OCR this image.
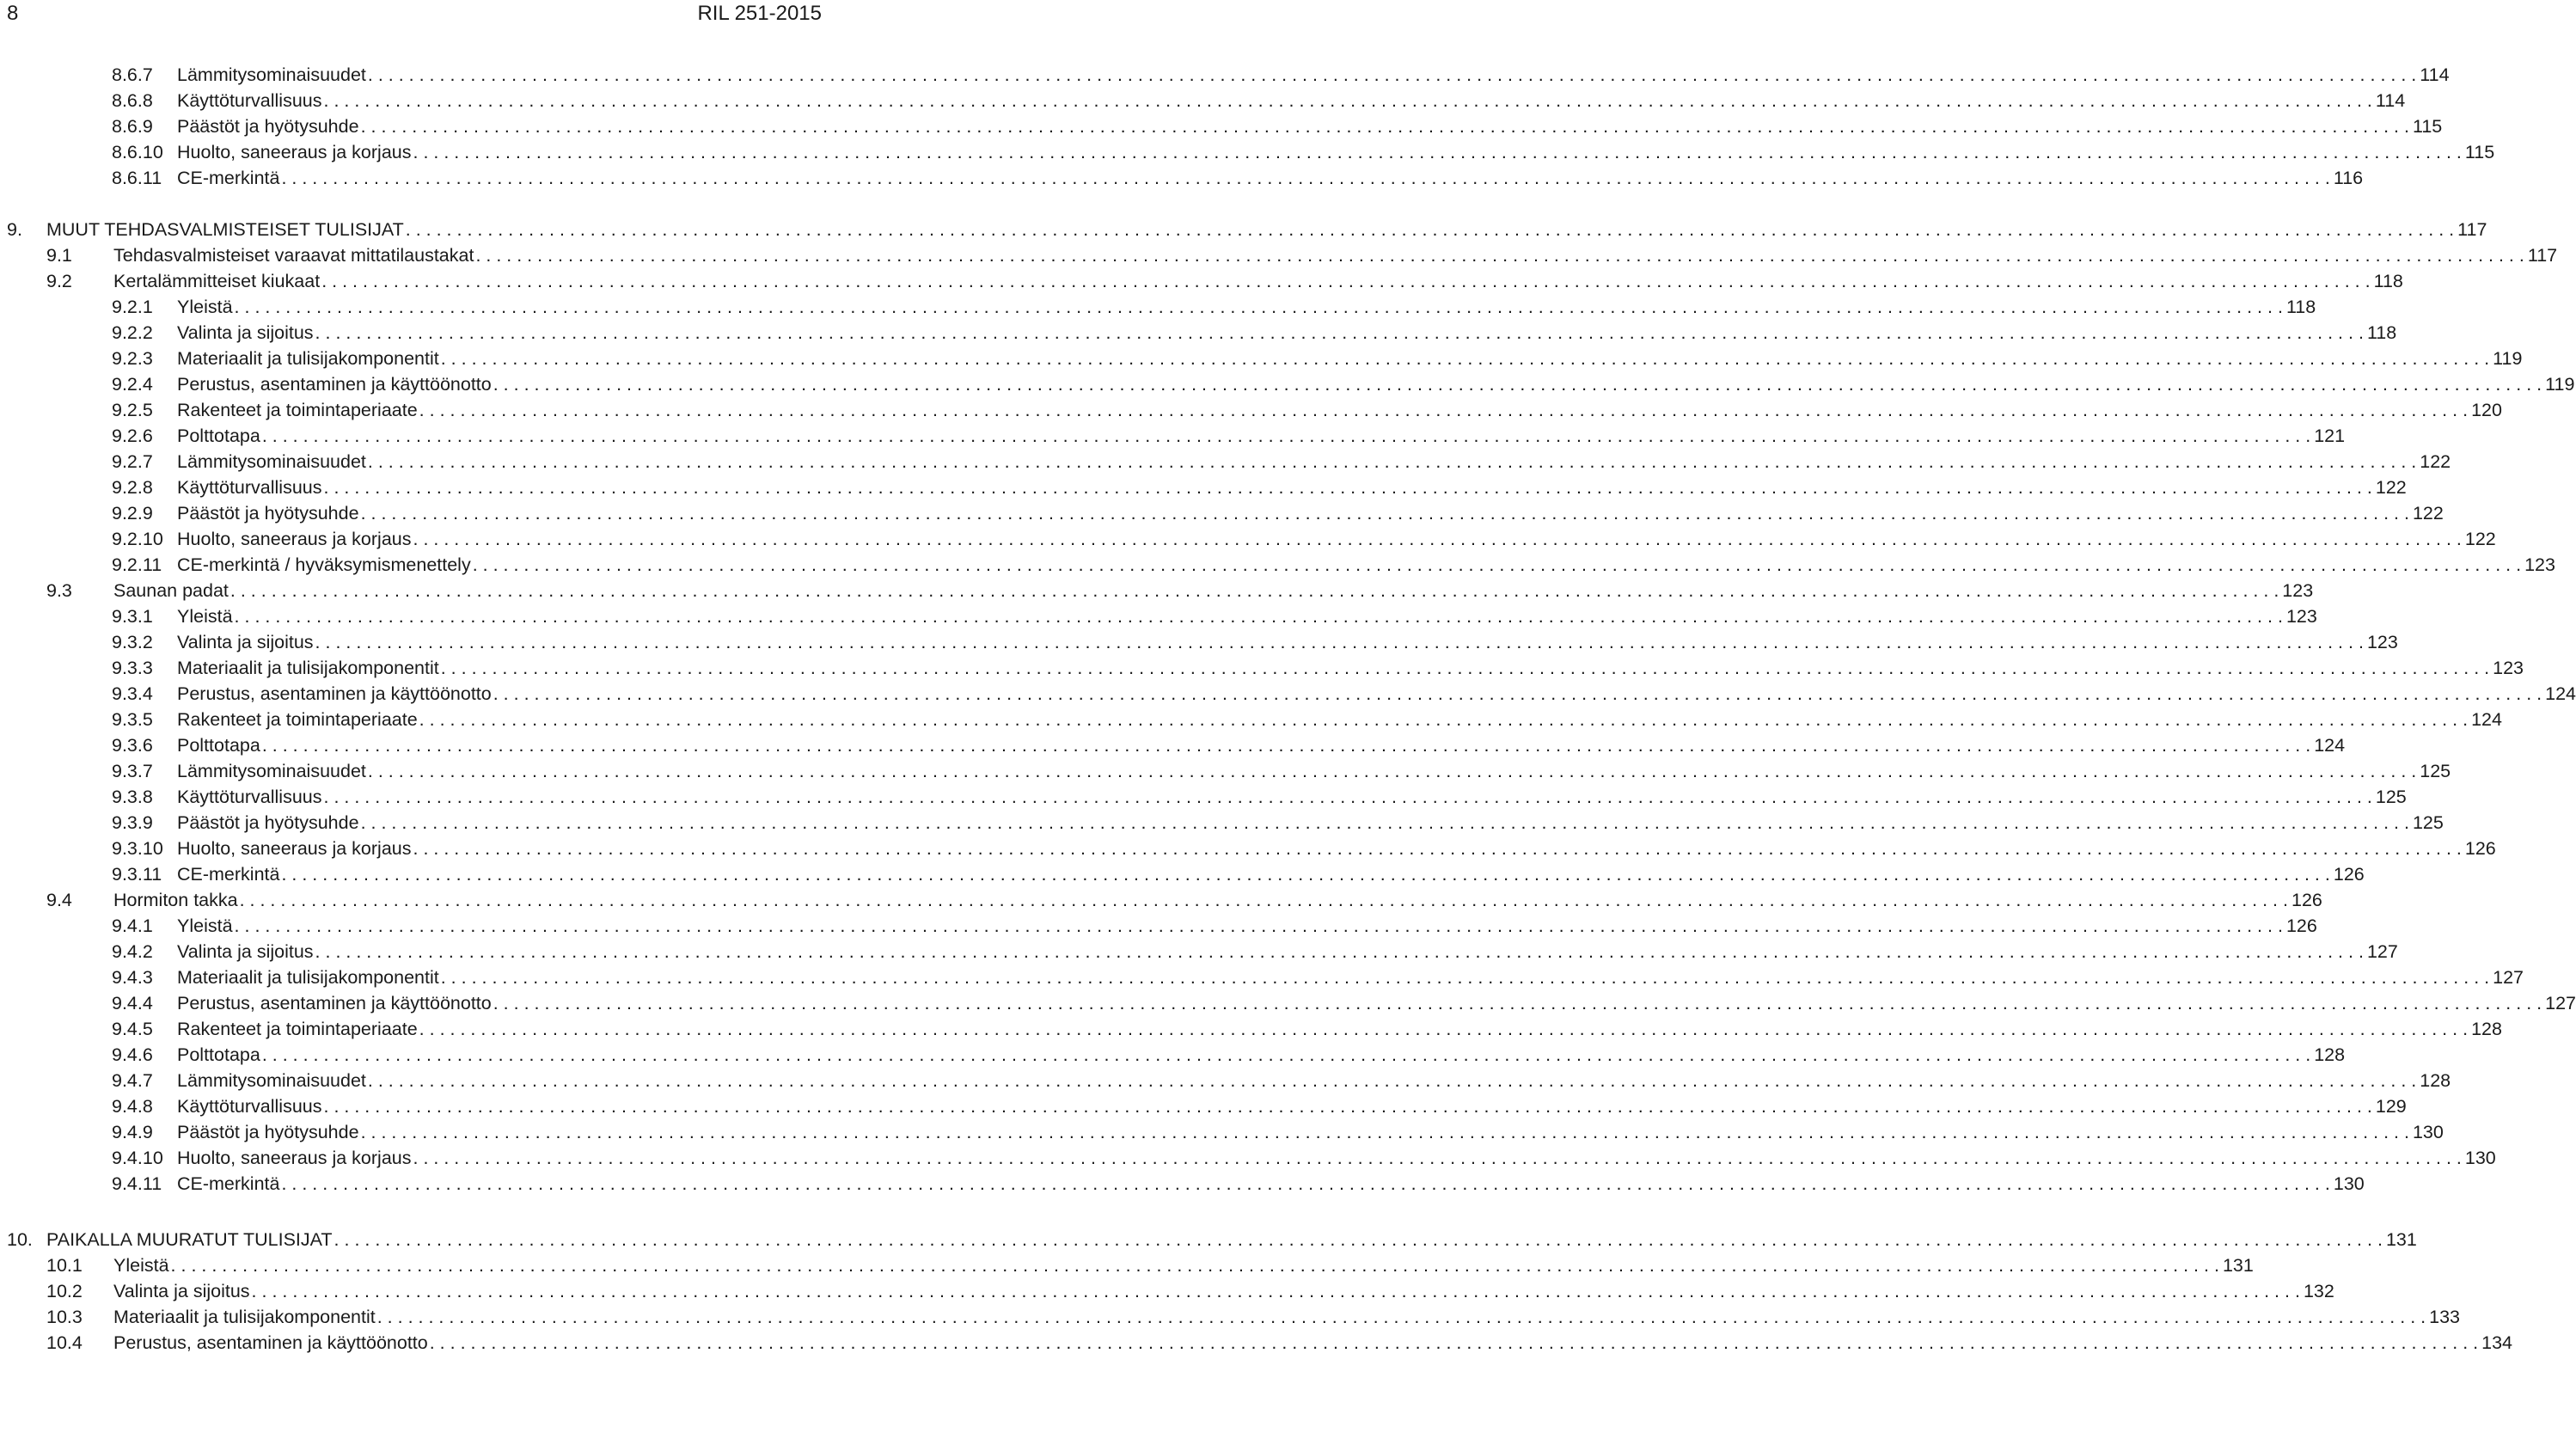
8	RIL 251-2015
8.6.7 Lämmitysominaisuudet . . . . . . . . . . . . . . . . . . . . . . . . . . . . . . . . . . . . . . . . . . . . . . . . . . . . . . . . . . . . . . . . . . . . . . . . . . . . . . . . . . . . . . . . . . . . . . . . . . . . . . . . . . . . . . . . . . . . . . . . . . . . . . . . . . . . . . . . . . . . . . . . . . . . . . . . . . . . . . . . . . . . . . . . . . . . . . . . . . . . . . . . . . . . . . . . . . . . . . . . 114
8.6.8 Käyttöturvallisuus . . . . . . . . . . . . . . . . . . . . . . . . . . . . . . . . . . . . . . . . . . . . . . . . . . . . . . . . . . . . . . . . . . . . . . . . . . . . . . . . . . . . . . . . . . . . . . . . . . . . . . . . . . . . . . . . . . . . . . . . . . . . . . . . . . . . . . . . . . . . . . . . . . . . . . . . . . . . . . . . . . . . . . . . . . . . . . . . . . . . . . . . . . . . . . . . . . . . . . . . 114
8.6.9 Päästöt ja hyötysuhde . . . . . . . . . . . . . . . . . . . . . . . . . . . . . . . . . . . . . . . . . . . . . . . . . . . . . . . . . . . . . . . . . . . . . . . . . . . . . . . . . . . . . . . . . . . . . . . . . . . . . . . . . . . . . . . . . . . . . . . . . . . . . . . . . . . . . . . . . . . . . . . . . . . . . . . . . . . . . . . . . . . . . . . . . . . . . . . . . . . . . . . . . . . . . . . . . . . . . . . . 115
8.6.10 Huolto, saneeraus ja korjaus . . . . . . . . . . . . . . . . . . . . . . . . . . . . . . . . . . . . . . . . . . . . . . . . . . . . . . . . . . . . . . . . . . . . . . . . . . . . . . . . . . . . . . . . . . . . . . . . . . . . . . . . . . . . . . . . . . . . . . . . . . . . . . . . . . . . . . . . . . . . . . . . . . . . . . . . . . . . . . . . . . . . . . . . . . . . . . . . . . . . . . . . . . . . . . . . . . . . . . . . 115
8.6.11 CE-merkintä . . . . . . . . . . . . . . . . . . . . . . . . . . . . . . . . . . . . . . . . . . . . . . . . . . . . . . . . . . . . . . . . . . . . . . . . . . . . . . . . . . . . . . . . . . . . . . . . . . . . . . . . . . . . . . . . . . . . . . . . . . . . . . . . . . . . . . . . . . . . . . . . . . . . . . . . . . . . . . . . . . . . . . . . . . . . . . . . . . . . . . . . . . . . . . . . . . . . . . . . 116
9. MUUT TEHDASVALMISTEISET TULISIJAT . . . . . . . . . . . . . . . . . . . . . . . . . . . . . . . . . . . . . . . . . . . . . . . . . . . . . . . . . . . . . . . . . . . . . . . . . . . . . . . . . . . . . . . . . . . . . . . . . . . . . . . . . . . . . . . . . . . . . . . . . . . . . . . . . . . . . . . . . . . . . . . . . . . . . . . . . . . . . . . . . . . . . . . . . . . . . . . . . . . . . . . . . . . . . . . . . . . . . . . . 117
9.1 Tehdasvalmisteiset varaavat mittatilaustakat . . . . . . . . . . . . . . . . . . . . . . . . . . . . . . . . . . . . . . . . . . . . . . . . . . . . . . . . . . . . . . . . . . . . . . . . . . . . . . . . . . . . . . . . . . . . . . . . . . . . . . . . . . . . . . . . . . . . . . . . . . . . . . . . . . . . . . . . . . . . . . . . . . . . . . . . . . . . . . . . . . . . . . . . . . . . . . . . . . . . . . . . . . . . . . . . . . . . . . . . 117
9.2 Kertalämmitteiset kiukaat . . . . . . . . . . . . . . . . . . . . . . . . . . . . . . . . . . . . . . . . . . . . . . . . . . . . . . . . . . . . . . . . . . . . . . . . . . . . . . . . . . . . . . . . . . . . . . . . . . . . . . . . . . . . . . . . . . . . . . . . . . . . . . . . . . . . . . . . . . . . . . . . . . . . . . . . . . . . . . . . . . . . . . . . . . . . . . . . . . . . . . . . . . . . . . . . . . . . . . . . 118
9.2.1 Yleistä . . . . . . . . . . . . . . . . . . . . . . . . . . . . . . . . . . . . . . . . . . . . . . . . . . . . . . . . . . . . . . . . . . . . . . . . . . . . . . . . . . . . . . . . . . . . . . . . . . . . . . . . . . . . . . . . . . . . . . . . . . . . . . . . . . . . . . . . . . . . . . . . . . . . . . . . . . . . . . . . . . . . . . . . . . . . . . . . . . . . . . . . . . . . . . . . . . . . . . . . 118
9.2.2 Valinta ja sijoitus . . . . . . . . . . . . . . . . . . . . . . . . . . . . . . . . . . . . . . . . . . . . . . . . . . . . . . . . . . . . . . . . . . . . . . . . . . . . . . . . . . . . . . . . . . . . . . . . . . . . . . . . . . . . . . . . . . . . . . . . . . . . . . . . . . . . . . . . . . . . . . . . . . . . . . . . . . . . . . . . . . . . . . . . . . . . . . . . . . . . . . . . . . . . . . . . . . . . . . . . 118
9.2.3 Materiaalit ja tulisijakomponentit . . . . . . . . . . . . . . . . . . . . . . . . . . . . . . . . . . . . . . . . . . . . . . . . . . . . . . . . . . . . . . . . . . . . . . . . . . . . . . . . . . . . . . . . . . . . . . . . . . . . . . . . . . . . . . . . . . . . . . . . . . . . . . . . . . . . . . . . . . . . . . . . . . . . . . . . . . . . . . . . . . . . . . . . . . . . . . . . . . . . . . . . . . . . . . . . . . . . . . . . 119
9.2.4 Perustus, asentaminen ja käyttöönotto . . . . . . . . . . . . . . . . . . . . . . . . . . . . . . . . . . . . . . . . . . . . . . . . . . . . . . . . . . . . . . . . . . . . . . . . . . . . . . . . . . . . . . . . . . . . . . . . . . . . . . . . . . . . . . . . . . . . . . . . . . . . . . . . . . . . . . . . . . . . . . . . . . . . . . . . . . . . . . . . . . . . . . . . . . . . . . . . . . . . . . . . . . . . . . . . . . . . . . . . 119
9.2.5 Rakenteet ja toimintaperiaate . . . . . . . . . . . . . . . . . . . . . . . . . . . . . . . . . . . . . . . . . . . . . . . . . . . . . . . . . . . . . . . . . . . . . . . . . . . . . . . . . . . . . . . . . . . . . . . . . . . . . . . . . . . . . . . . . . . . . . . . . . . . . . . . . . . . . . . . . . . . . . . . . . . . . . . . . . . . . . . . . . . . . . . . . . . . . . . . . . . . . . . . . . . . . . . . . . . . . . . . 120
9.2.6 Polttotapa . . . . . . . . . . . . . . . . . . . . . . . . . . . . . . . . . . . . . . . . . . . . . . . . . . . . . . . . . . . . . . . . . . . . . . . . . . . . . . . . . . . . . . . . . . . . . . . . . . . . . . . . . . . . . . . . . . . . . . . . . . . . . . . . . . . . . . . . . . . . . . . . . . . . . . . . . . . . . . . . . . . . . . . . . . . . . . . . . . . . . . . . . . . . . . . . . . . . . . . . 121
9.2.7 Lämmitysominaisuudet . . . . . . . . . . . . . . . . . . . . . . . . . . . . . . . . . . . . . . . . . . . . . . . . . . . . . . . . . . . . . . . . . . . . . . . . . . . . . . . . . . . . . . . . . . . . . . . . . . . . . . . . . . . . . . . . . . . . . . . . . . . . . . . . . . . . . . . . . . . . . . . . . . . . . . . . . . . . . . . . . . . . . . . . . . . . . . . . . . . . . . . . . . . . . . . . . . . . . . . . 122
9.2.8 Käyttöturvallisuus . . . . . . . . . . . . . . . . . . . . . . . . . . . . . . . . . . . . . . . . . . . . . . . . . . . . . . . . . . . . . . . . . . . . . . . . . . . . . . . . . . . . . . . . . . . . . . . . . . . . . . . . . . . . . . . . . . . . . . . . . . . . . . . . . . . . . . . . . . . . . . . . . . . . . . . . . . . . . . . . . . . . . . . . . . . . . . . . . . . . . . . . . . . . . . . . . . . . . . . . 122
9.2.9 Päästöt ja hyötysuhde . . . . . . . . . . . . . . . . . . . . . . . . . . . . . . . . . . . . . . . . . . . . . . . . . . . . . . . . . . . . . . . . . . . . . . . . . . . . . . . . . . . . . . . . . . . . . . . . . . . . . . . . . . . . . . . . . . . . . . . . . . . . . . . . . . . . . . . . . . . . . . . . . . . . . . . . . . . . . . . . . . . . . . . . . . . . . . . . . . . . . . . . . . . . . . . . . . . . . . . . 122
9.2.10 Huolto, saneeraus ja korjaus . . . . . . . . . . . . . . . . . . . . . . . . . . . . . . . . . . . . . . . . . . . . . . . . . . . . . . . . . . . . . . . . . . . . . . . . . . . . . . . . . . . . . . . . . . . . . . . . . . . . . . . . . . . . . . . . . . . . . . . . . . . . . . . . . . . . . . . . . . . . . . . . . . . . . . . . . . . . . . . . . . . . . . . . . . . . . . . . . . . . . . . . . . . . . . . . . . . . . . . . 122
9.2.11 CE-merkintä / hyväksymismenettely . . . . . . . . . . . . . . . . . . . . . . . . . . . . . . . . . . . . . . . . . . . . . . . . . . . . . . . . . . . . . . . . . . . . . . . . . . . . . . . . . . . . . . . . . . . . . . . . . . . . . . . . . . . . . . . . . . . . . . . . . . . . . . . . . . . . . . . . . . . . . . . . . . . . . . . . . . . . . . . . . . . . . . . . . . . . . . . . . . . . . . . . . . . . . . . . . . . . . . . . 123
9.3 Saunan padat . . . . . . . . . . . . . . . . . . . . . . . . . . . . . . . . . . . . . . . . . . . . . . . . . . . . . . . . . . . . . . . . . . . . . . . . . . . . . . . . . . . . . . . . . . . . . . . . . . . . . . . . . . . . . . . . . . . . . . . . . . . . . . . . . . . . . . . . . . . . . . . . . . . . . . . . . . . . . . . . . . . . . . . . . . . . . . . . . . . . . . . . . . . . . . . . . . . . . . . . 123
9.3.1 Yleistä . . . . . . . . . . . . . . . . . . . . . . . . . . . . . . . . . . . . . . . . . . . . . . . . . . . . . . . . . . . . . . . . . . . . . . . . . . . . . . . . . . . . . . . . . . . . . . . . . . . . . . . . . . . . . . . . . . . . . . . . . . . . . . . . . . . . . . . . . . . . . . . . . . . . . . . . . . . . . . . . . . . . . . . . . . . . . . . . . . . . . . . . . . . . . . . . . . . . . . . . 123
9.3.2 Valinta ja sijoitus . . . . . . . . . . . . . . . . . . . . . . . . . . . . . . . . . . . . . . . . . . . . . . . . . . . . . . . . . . . . . . . . . . . . . . . . . . . . . . . . . . . . . . . . . . . . . . . . . . . . . . . . . . . . . . . . . . . . . . . . . . . . . . . . . . . . . . . . . . . . . . . . . . . . . . . . . . . . . . . . . . . . . . . . . . . . . . . . . . . . . . . . . . . . . . . . . . . . . . . . 123
9.3.3 Materiaalit ja tulisijakomponentit . . . . . . . . . . . . . . . . . . . . . . . . . . . . . . . . . . . . . . . . . . . . . . . . . . . . . . . . . . . . . . . . . . . . . . . . . . . . . . . . . . . . . . . . . . . . . . . . . . . . . . . . . . . . . . . . . . . . . . . . . . . . . . . . . . . . . . . . . . . . . . . . . . . . . . . . . . . . . . . . . . . . . . . . . . . . . . . . . . . . . . . . . . . . . . . . . . . . . . . . 123
9.3.4 Perustus, asentaminen ja käyttöönotto . . . . . . . . . . . . . . . . . . . . . . . . . . . . . . . . . . . . . . . . . . . . . . . . . . . . . . . . . . . . . . . . . . . . . . . . . . . . . . . . . . . . . . . . . . . . . . . . . . . . . . . . . . . . . . . . . . . . . . . . . . . . . . . . . . . . . . . . . . . . . . . . . . . . . . . . . . . . . . . . . . . . . . . . . . . . . . . . . . . . . . . . . . . . . . . . . . . . . . . . 124
9.3.5 Rakenteet ja toimintaperiaate . . . . . . . . . . . . . . . . . . . . . . . . . . . . . . . . . . . . . . . . . . . . . . . . . . . . . . . . . . . . . . . . . . . . . . . . . . . . . . . . . . . . . . . . . . . . . . . . . . . . . . . . . . . . . . . . . . . . . . . . . . . . . . . . . . . . . . . . . . . . . . . . . . . . . . . . . . . . . . . . . . . . . . . . . . . . . . . . . . . . . . . . . . . . . . . . . . . . . . . . 124
9.3.6 Polttotapa . . . . . . . . . . . . . . . . . . . . . . . . . . . . . . . . . . . . . . . . . . . . . . . . . . . . . . . . . . . . . . . . . . . . . . . . . . . . . . . . . . . . . . . . . . . . . . . . . . . . . . . . . . . . . . . . . . . . . . . . . . . . . . . . . . . . . . . . . . . . . . . . . . . . . . . . . . . . . . . . . . . . . . . . . . . . . . . . . . . . . . . . . . . . . . . . . . . . . . . . 124
9.3.7 Lämmitysominaisuudet . . . . . . . . . . . . . . . . . . . . . . . . . . . . . . . . . . . . . . . . . . . . . . . . . . . . . . . . . . . . . . . . . . . . . . . . . . . . . . . . . . . . . . . . . . . . . . . . . . . . . . . . . . . . . . . . . . . . . . . . . . . . . . . . . . . . . . . . . . . . . . . . . . . . . . . . . . . . . . . . . . . . . . . . . . . . . . . . . . . . . . . . . . . . . . . . . . . . . . . . 125
9.3.8 Käyttöturvallisuus . . . . . . . . . . . . . . . . . . . . . . . . . . . . . . . . . . . . . . . . . . . . . . . . . . . . . . . . . . . . . . . . . . . . . . . . . . . . . . . . . . . . . . . . . . . . . . . . . . . . . . . . . . . . . . . . . . . . . . . . . . . . . . . . . . . . . . . . . . . . . . . . . . . . . . . . . . . . . . . . . . . . . . . . . . . . . . . . . . . . . . . . . . . . . . . . . . . . . . . . 125
9.3.9 Päästöt ja hyötysuhde . . . . . . . . . . . . . . . . . . . . . . . . . . . . . . . . . . . . . . . . . . . . . . . . . . . . . . . . . . . . . . . . . . . . . . . . . . . . . . . . . . . . . . . . . . . . . . . . . . . . . . . . . . . . . . . . . . . . . . . . . . . . . . . . . . . . . . . . . . . . . . . . . . . . . . . . . . . . . . . . . . . . . . . . . . . . . . . . . . . . . . . . . . . . . . . . . . . . . . . . 125
9.3.10 Huolto, saneeraus ja korjaus . . . . . . . . . . . . . . . . . . . . . . . . . . . . . . . . . . . . . . . . . . . . . . . . . . . . . . . . . . . . . . . . . . . . . . . . . . . . . . . . . . . . . . . . . . . . . . . . . . . . . . . . . . . . . . . . . . . . . . . . . . . . . . . . . . . . . . . . . . . . . . . . . . . . . . . . . . . . . . . . . . . . . . . . . . . . . . . . . . . . . . . . . . . . . . . . . . . . . . . . 126
9.3.11 CE-merkintä . . . . . . . . . . . . . . . . . . . . . . . . . . . . . . . . . . . . . . . . . . . . . . . . . . . . . . . . . . . . . . . . . . . . . . . . . . . . . . . . . . . . . . . . . . . . . . . . . . . . . . . . . . . . . . . . . . . . . . . . . . . . . . . . . . . . . . . . . . . . . . . . . . . . . . . . . . . . . . . . . . . . . . . . . . . . . . . . . . . . . . . . . . . . . . . . . . . . . . . . 126
9.4 Hormiton takka . . . . . . . . . . . . . . . . . . . . . . . . . . . . . . . . . . . . . . . . . . . . . . . . . . . . . . . . . . . . . . . . . . . . . . . . . . . . . . . . . . . . . . . . . . . . . . . . . . . . . . . . . . . . . . . . . . . . . . . . . . . . . . . . . . . . . . . . . . . . . . . . . . . . . . . . . . . . . . . . . . . . . . . . . . . . . . . . . . . . . . . . . . . . . . . . . . . . . . . . 126
9.4.1 Yleistä . . . . . . . . . . . . . . . . . . . . . . . . . . . . . . . . . . . . . . . . . . . . . . . . . . . . . . . . . . . . . . . . . . . . . . . . . . . . . . . . . . . . . . . . . . . . . . . . . . . . . . . . . . . . . . . . . . . . . . . . . . . . . . . . . . . . . . . . . . . . . . . . . . . . . . . . . . . . . . . . . . . . . . . . . . . . . . . . . . . . . . . . . . . . . . . . . . . . . . . . 126
9.4.2 Valinta ja sijoitus . . . . . . . . . . . . . . . . . . . . . . . . . . . . . . . . . . . . . . . . . . . . . . . . . . . . . . . . . . . . . . . . . . . . . . . . . . . . . . . . . . . . . . . . . . . . . . . . . . . . . . . . . . . . . . . . . . . . . . . . . . . . . . . . . . . . . . . . . . . . . . . . . . . . . . . . . . . . . . . . . . . . . . . . . . . . . . . . . . . . . . . . . . . . . . . . . . . . . . . . 127
9.4.3 Materiaalit ja tulisijakomponentit . . . . . . . . . . . . . . . . . . . . . . . . . . . . . . . . . . . . . . . . . . . . . . . . . . . . . . . . . . . . . . . . . . . . . . . . . . . . . . . . . . . . . . . . . . . . . . . . . . . . . . . . . . . . . . . . . . . . . . . . . . . . . . . . . . . . . . . . . . . . . . . . . . . . . . . . . . . . . . . . . . . . . . . . . . . . . . . . . . . . . . . . . . . . . . . . . . . . . . . . 127
9.4.4 Perustus, asentaminen ja käyttöönotto . . . . . . . . . . . . . . . . . . . . . . . . . . . . . . . . . . . . . . . . . . . . . . . . . . . . . . . . . . . . . . . . . . . . . . . . . . . . . . . . . . . . . . . . . . . . . . . . . . . . . . . . . . . . . . . . . . . . . . . . . . . . . . . . . . . . . . . . . . . . . . . . . . . . . . . . . . . . . . . . . . . . . . . . . . . . . . . . . . . . . . . . . . . . . . . . . . . . . . . . 127
9.4.5 Rakenteet ja toimintaperiaate . . . . . . . . . . . . . . . . . . . . . . . . . . . . . . . . . . . . . . . . . . . . . . . . . . . . . . . . . . . . . . . . . . . . . . . . . . . . . . . . . . . . . . . . . . . . . . . . . . . . . . . . . . . . . . . . . . . . . . . . . . . . . . . . . . . . . . . . . . . . . . . . . . . . . . . . . . . . . . . . . . . . . . . . . . . . . . . . . . . . . . . . . . . . . . . . . . . . . . . . 128
9.4.6 Polttotapa . . . . . . . . . . . . . . . . . . . . . . . . . . . . . . . . . . . . . . . . . . . . . . . . . . . . . . . . . . . . . . . . . . . . . . . . . . . . . . . . . . . . . . . . . . . . . . . . . . . . . . . . . . . . . . . . . . . . . . . . . . . . . . . . . . . . . . . . . . . . . . . . . . . . . . . . . . . . . . . . . . . . . . . . . . . . . . . . . . . . . . . . . . . . . . . . . . . . . . . . 128
9.4.7 Lämmitysominaisuudet . . . . . . . . . . . . . . . . . . . . . . . . . . . . . . . . . . . . . . . . . . . . . . . . . . . . . . . . . . . . . . . . . . . . . . . . . . . . . . . . . . . . . . . . . . . . . . . . . . . . . . . . . . . . . . . . . . . . . . . . . . . . . . . . . . . . . . . . . . . . . . . . . . . . . . . . . . . . . . . . . . . . . . . . . . . . . . . . . . . . . . . . . . . . . . . . . . . . . . . . 128
9.4.8 Käyttöturvallisuus . . . . . . . . . . . . . . . . . . . . . . . . . . . . . . . . . . . . . . . . . . . . . . . . . . . . . . . . . . . . . . . . . . . . . . . . . . . . . . . . . . . . . . . . . . . . . . . . . . . . . . . . . . . . . . . . . . . . . . . . . . . . . . . . . . . . . . . . . . . . . . . . . . . . . . . . . . . . . . . . . . . . . . . . . . . . . . . . . . . . . . . . . . . . . . . . . . . . . . . . 129
9.4.9 Päästöt ja hyötysuhde . . . . . . . . . . . . . . . . . . . . . . . . . . . . . . . . . . . . . . . . . . . . . . . . . . . . . . . . . . . . . . . . . . . . . . . . . . . . . . . . . . . . . . . . . . . . . . . . . . . . . . . . . . . . . . . . . . . . . . . . . . . . . . . . . . . . . . . . . . . . . . . . . . . . . . . . . . . . . . . . . . . . . . . . . . . . . . . . . . . . . . . . . . . . . . . . . . . . . . . . 130
9.4.10 Huolto, saneeraus ja korjaus . . . . . . . . . . . . . . . . . . . . . . . . . . . . . . . . . . . . . . . . . . . . . . . . . . . . . . . . . . . . . . . . . . . . . . . . . . . . . . . . . . . . . . . . . . . . . . . . . . . . . . . . . . . . . . . . . . . . . . . . . . . . . . . . . . . . . . . . . . . . . . . . . . . . . . . . . . . . . . . . . . . . . . . . . . . . . . . . . . . . . . . . . . . . . . . . . . . . . . . . 130
9.4.11 CE-merkintä . . . . . . . . . . . . . . . . . . . . . . . . . . . . . . . . . . . . . . . . . . . . . . . . . . . . . . . . . . . . . . . . . . . . . . . . . . . . . . . . . . . . . . . . . . . . . . . . . . . . . . . . . . . . . . . . . . . . . . . . . . . . . . . . . . . . . . . . . . . . . . . . . . . . . . . . . . . . . . . . . . . . . . . . . . . . . . . . . . . . . . . . . . . . . . . . . . . . . . . . 130
10. PAIKALLA MUURATUT TULISIJAT . . . . . . . . . . . . . . . . . . . . . . . . . . . . . . . . . . . . . . . . . . . . . . . . . . . . . . . . . . . . . . . . . . . . . . . . . . . . . . . . . . . . . . . . . . . . . . . . . . . . . . . . . . . . . . . . . . . . . . . . . . . . . . . . . . . . . . . . . . . . . . . . . . . . . . . . . . . . . . . . . . . . . . . . . . . . . . . . . . . . . . . . . . . . . . . . . . . . . . . . 131
10.1 Yleistä . . . . . . . . . . . . . . . . . . . . . . . . . . . . . . . . . . . . . . . . . . . . . . . . . . . . . . . . . . . . . . . . . . . . . . . . . . . . . . . . . . . . . . . . . . . . . . . . . . . . . . . . . . . . . . . . . . . . . . . . . . . . . . . . . . . . . . . . . . . . . . . . . . . . . . . . . . . . . . . . . . . . . . . . . . . . . . . . . . . . . . . . . . . . . . . . . . . . . . . . 131
10.2 Valinta ja sijoitus . . . . . . . . . . . . . . . . . . . . . . . . . . . . . . . . . . . . . . . . . . . . . . . . . . . . . . . . . . . . . . . . . . . . . . . . . . . . . . . . . . . . . . . . . . . . . . . . . . . . . . . . . . . . . . . . . . . . . . . . . . . . . . . . . . . . . . . . . . . . . . . . . . . . . . . . . . . . . . . . . . . . . . . . . . . . . . . . . . . . . . . . . . . . . . . . . . . . . . . . 132
10.3 Materiaalit ja tulisijakomponentit . . . . . . . . . . . . . . . . . . . . . . . . . . . . . . . . . . . . . . . . . . . . . . . . . . . . . . . . . . . . . . . . . . . . . . . . . . . . . . . . . . . . . . . . . . . . . . . . . . . . . . . . . . . . . . . . . . . . . . . . . . . . . . . . . . . . . . . . . . . . . . . . . . . . . . . . . . . . . . . . . . . . . . . . . . . . . . . . . . . . . . . . . . . . . . . . . . . . . . . . 133
10.4 Perustus, asentaminen ja käyttöönotto . . . . . . . . . . . . . . . . . . . . . . . . . . . . . . . . . . . . . . . . . . . . . . . . . . . . . . . . . . . . . . . . . . . . . . . . . . . . . . . . . . . . . . . . . . . . . . . . . . . . . . . . . . . . . . . . . . . . . . . . . . . . . . . . . . . . . . . . . . . . . . . . . . . . . . . . . . . . . . . . . . . . . . . . . . . . . . . . . . . . . . . . . . . . . . . . . . . . . . . . 134
